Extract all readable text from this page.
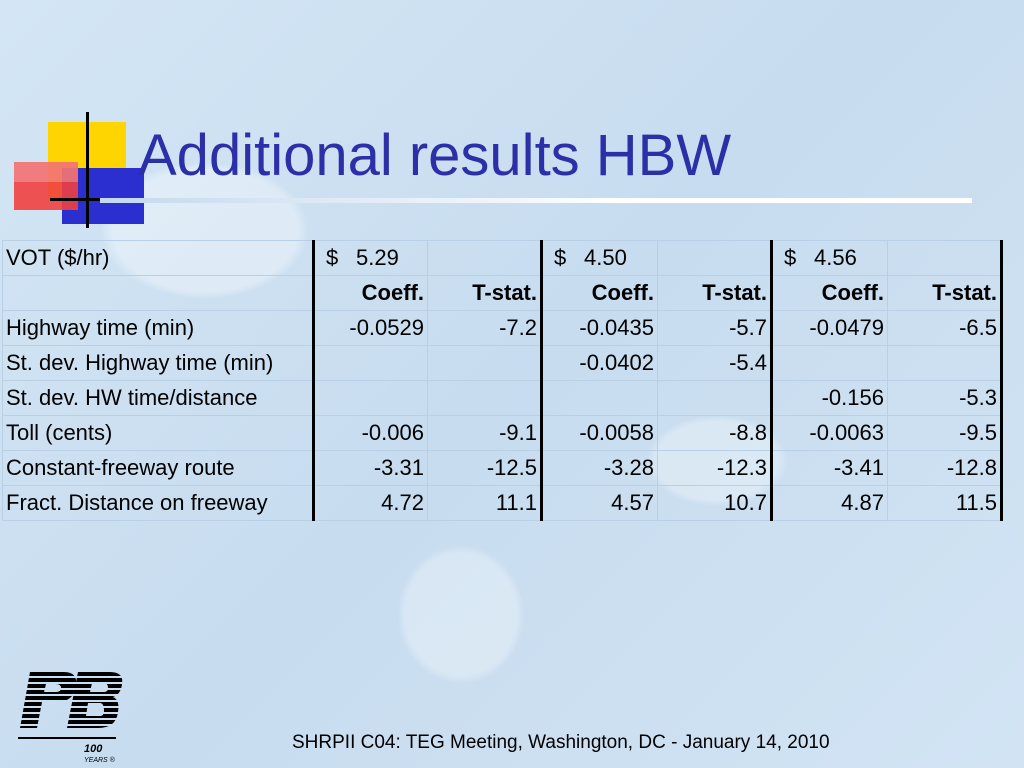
Additional results HBW
VOT ($/hr)	$ 5.29		$ 4.50		$ 4.56	
	Coeff.	T-stat.	Coeff.	T-stat.	Coeff.	T-stat.
Highway time (min)	-0.0529	-7.2	-0.0435	-5.7	-0.0479	-6.5
St. dev. Highway time (min)			-0.0402	-5.4		
St. dev. HW time/distance					-0.156	-5.3
Toll (cents)	-0.006	-9.1	-0.0058	-8.8	-0.0063	-9.5
Constant-freeway route	-3.31	-12.5	-3.28	-12.3	-3.41	-12.8
Fract. Distance on freeway	4.72	11.1	4.57	10.7	4.87	11.5
100
YEARS ®
SHRPII C04: TEG Meeting, Washington, DC - January 14, 2010
